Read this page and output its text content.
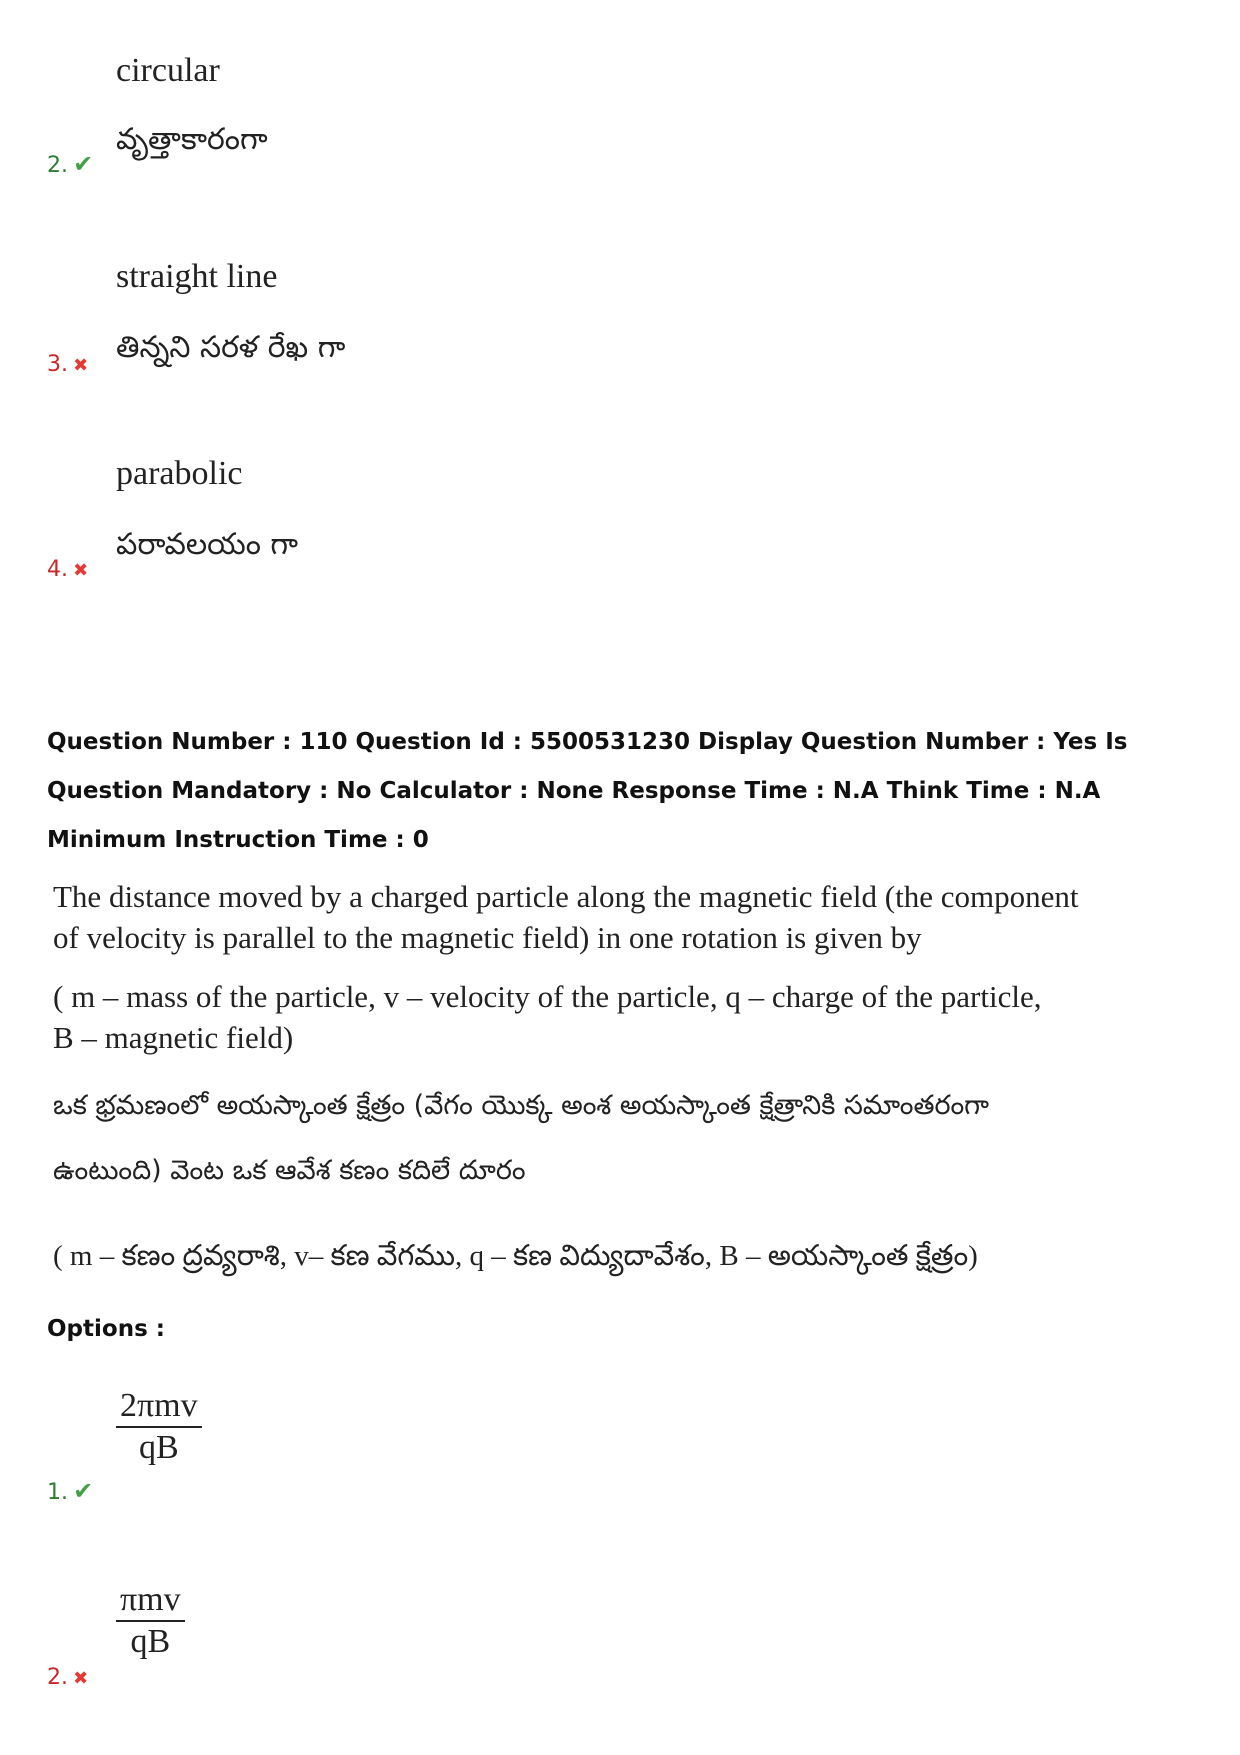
circular
వృత్తాకారంగా
2. ✔
straight line
తిన్నని సరళ రేఖ గా
3. ✖
parabolic
పరావలయం గా
4. ✖
Question Number : 110 Question Id : 5500531230 Display Question Number : Yes Is Question Mandatory : No Calculator : None Response Time : N.A Think Time : N.A Minimum Instruction Time : 0
The distance moved by a charged particle along the magnetic field (the component
of velocity is parallel to the magnetic field) in one rotation is given by
( m – mass of the particle, v – velocity of the particle, q – charge of the particle,
B – magnetic field)
ఒక భ్రమణంలో అయస్కాంత క్షేత్రం (వేగం యొక్క అంశ అయస్కాంత క్షేత్రానికి సమాంతరంగా
ఉంటుంది) వెంట ఒక ఆవేశ కణం కదిలే దూరం
( m – కణం ద్రవ్యరాశి, v– కణ వేగము, q – కణ విద్యుదావేశం, B – అయస్కాంత క్షేత్రం)
Options :
2πmv
qB
1. ✔
πmv
qB
2. ✖
